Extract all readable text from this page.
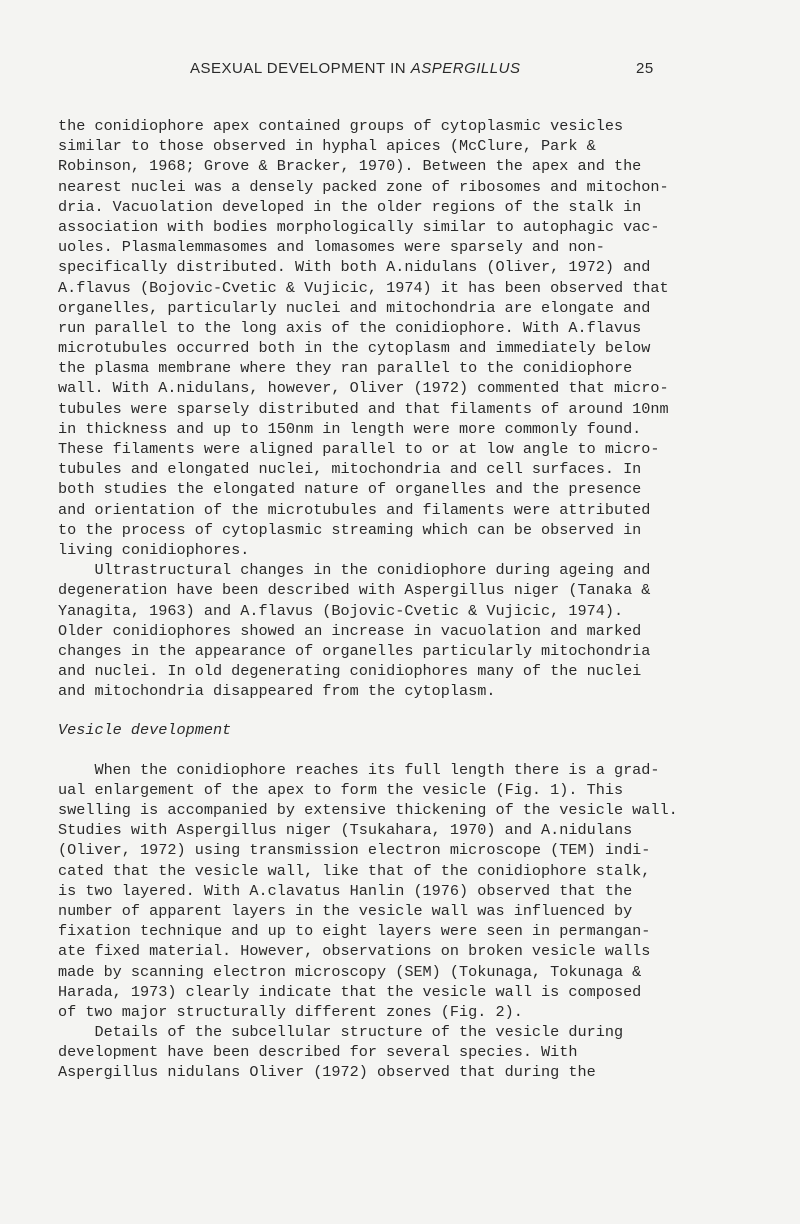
ASEXUAL DEVELOPMENT IN ASPERGILLUS	25
the conidiophore apex contained groups of cytoplasmic vesicles
similar to those observed in hyphal apices (McClure, Park &
Robinson, 1968; Grove & Bracker, 1970). Between the apex and the
nearest nuclei was a densely packed zone of ribosomes and mitochon-
dria. Vacuolation developed in the older regions of the stalk in
association with bodies morphologically similar to autophagic vac-
uoles. Plasmalemmasomes and lomasomes were sparsely and non-
specifically distributed. With both A.nidulans (Oliver, 1972) and
A.flavus (Bojovic-Cvetic & Vujicic, 1974) it has been observed that
organelles, particularly nuclei and mitochondria are elongate and
run parallel to the long axis of the conidiophore. With A.flavus
microtubules occurred both in the cytoplasm and immediately below
the plasma membrane where they ran parallel to the conidiophore
wall. With A.nidulans, however, Oliver (1972) commented that micro-
tubules were sparsely distributed and that filaments of around 10nm
in thickness and up to 150nm in length were more commonly found.
These filaments were aligned parallel to or at low angle to micro-
tubules and elongated nuclei, mitochondria and cell surfaces. In
both studies the elongated nature of organelles and the presence
and orientation of the microtubules and filaments were attributed
to the process of cytoplasmic streaming which can be observed in
living conidiophores.
Ultrastructural changes in the conidiophore during ageing and
degeneration have been described with Aspergillus niger (Tanaka &
Yanagita, 1963) and A.flavus (Bojovic-Cvetic & Vujicic, 1974).
Older conidiophores showed an increase in vacuolation and marked
changes in the appearance of organelles particularly mitochondria
and nuclei. In old degenerating conidiophores many of the nuclei
and mitochondria disappeared from the cytoplasm.
Vesicle development
When the conidiophore reaches its full length there is a grad-
ual enlargement of the apex to form the vesicle (Fig. 1). This
swelling is accompanied by extensive thickening of the vesicle wall.
Studies with Aspergillus niger (Tsukahara, 1970) and A.nidulans
(Oliver, 1972) using transmission electron microscope (TEM) indi-
cated that the vesicle wall, like that of the conidiophore stalk,
is two layered. With A.clavatus Hanlin (1976) observed that the
number of apparent layers in the vesicle wall was influenced by
fixation technique and up to eight layers were seen in permangan-
ate fixed material. However, observations on broken vesicle walls
made by scanning electron microscopy (SEM) (Tokunaga, Tokunaga &
Harada, 1973) clearly indicate that the vesicle wall is composed
of two major structurally different zones (Fig. 2).
Details of the subcellular structure of the vesicle during
development have been described for several species. With
Aspergillus nidulans Oliver (1972) observed that during the
